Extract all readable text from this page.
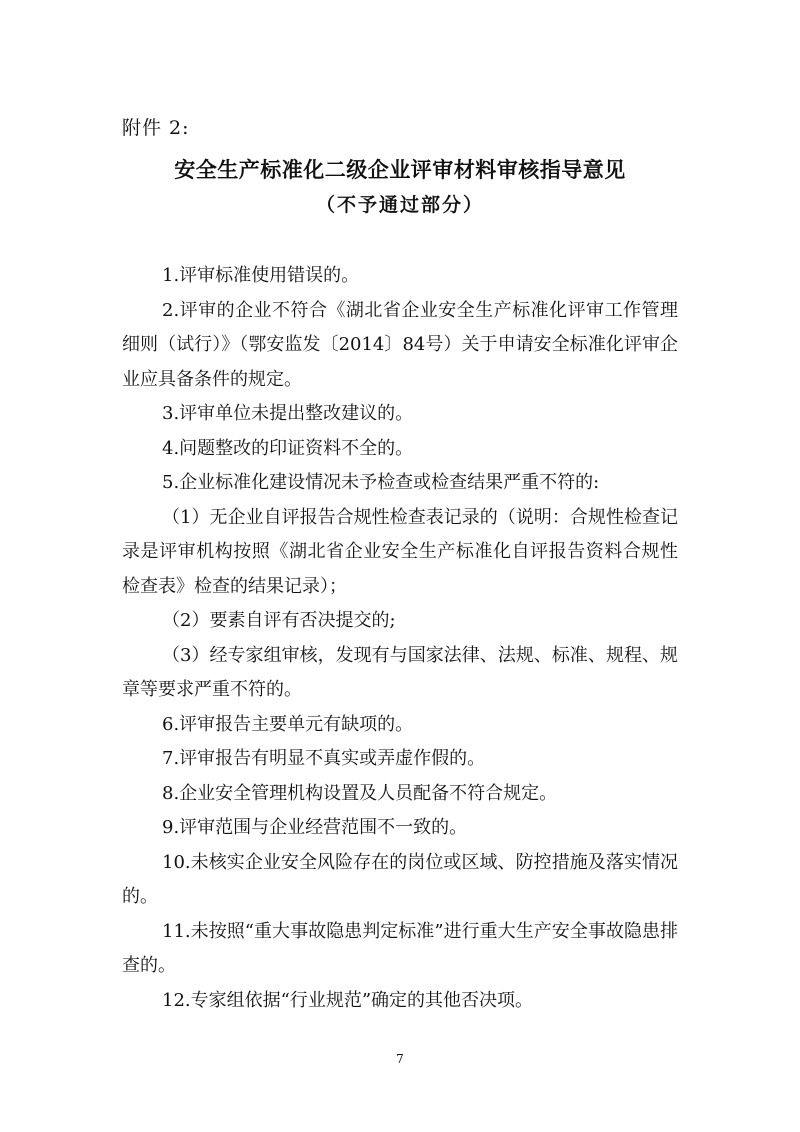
附件 2:
安全生产标准化二级企业评审材料审核指导意见
（不予通过部分）

1.评审标准使用错误的。

2.评审的企业不符合《湖北省企业安全生产标准化评审工作管理细则（试行）》（鄂安监发〔2014〕84号）关于申请安全标准化评审企业应具备条件的规定。

3.评审单位未提出整改建议的。

4.问题整改的印证资料不全的。

5.企业标准化建设情况未予检查或检查结果严重不符的:

（1）无企业自评报告合规性检查表记录的（说明：合规性检查记录是评审机构按照《湖北省企业安全生产标准化自评报告资料合规性检查表》检查的结果记录）；

（2）要素自评有否决提交的;

（3）经专家组审核，发现有与国家法律、法规、标准、规程、规章等要求严重不符的。

6.评审报告主要单元有缺项的。

7.评审报告有明显不真实或弄虚作假的。

8.企业安全管理机构设置及人员配备不符合规定。

9.评审范围与企业经营范围不一致的。

10.未核实企业安全风险存在的岗位或区域、防控措施及落实情况的。

11.未按照“重大事故隐患判定标准”进行重大生产安全事故隐患排查的。

12.专家组依据“行业规范”确定的其他否决项。

7
